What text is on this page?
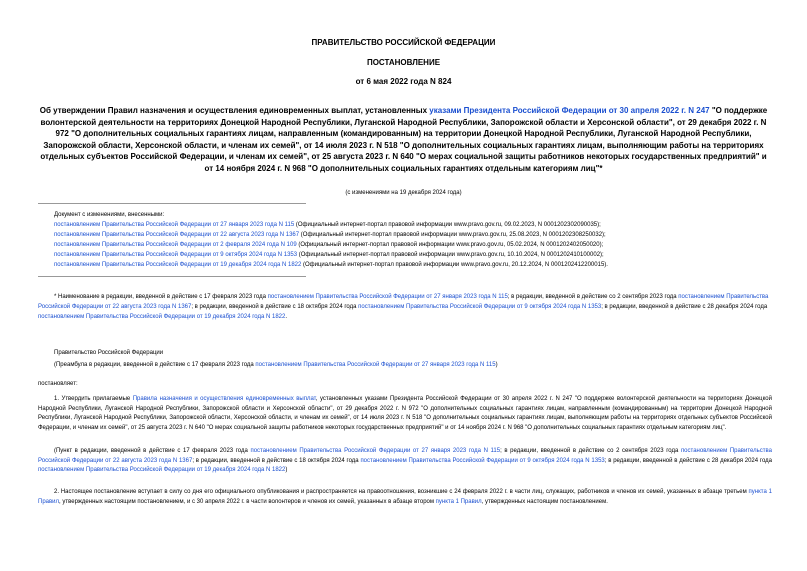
ПРАВИТЕЛЬСТВО РОССИЙСКОЙ ФЕДЕРАЦИИ
ПОСТАНОВЛЕНИЕ
от 6 мая 2022 года N 824
Об утверждении Правил назначения и осуществления единовременных выплат, установленных указами Президента Российской Федерации от 30 апреля 2022 г. N 247 "О поддержке волонтерской деятельности на территориях Донецкой Народной Республики, Луганской Народной Республики, Запорожской области и Херсонской области", от 29 декабря 2022 г. N 972 "О дополнительных социальных гарантиях лицам, направленным (командированным) на территории Донецкой Народной Республики, Луганской Народной Республики, Запорожской области, Херсонской области, и членам их семей", от 14 июля 2023 г. N 518 "О дополнительных социальных гарантиях лицам, выполняющим работы на территориях отдельных субъектов Российской Федерации, и членам их семей", от 25 августа 2023 г. N 640 "О мерах социальной защиты работников некоторых государственных предприятий" и от 14 ноября 2024 г. N 968 "О дополнительных социальных гарантиях отдельным категориям лиц"*
(с изменениями на 19 декабря 2024 года)
Документ с изменениями, внесенными:
постановлением Правительства Российской Федерации от 27 января 2023 года N 115 (Официальный интернет-портал правовой информации www.pravo.gov.ru, 09.02.2023, N 0001202302090035);
постановлением Правительства Российской Федерации от 22 августа 2023 года N 1367 (Официальный интернет-портал правовой информации www.pravo.gov.ru, 25.08.2023, N 0001202308250032);
постановлением Правительства Российской Федерации от 2 февраля 2024 года N 109 (Официальный интернет-портал правовой информации www.pravo.gov.ru, 05.02.2024, N 0001202402050020);
постановлением Правительства Российской Федерации от 9 октября 2024 года N 1353 (Официальный интернет-портал правовой информации www.pravo.gov.ru, 10.10.2024, N 0001202410100002);
постановлением Правительства Российской Федерации от 19 декабря 2024 года N 1822 (Официальный интернет-портал правовой информации www.pravo.gov.ru, 20.12.2024, N 0001202412200015).
* Наименование в редакции, введенной в действие с 17 февраля 2023 года постановлением Правительства Российской Федерации от 27 января 2023 года N 115; в редакции, введенной в действие со 2 сентября 2023 года постановлением Правительства Российской Федерации от 22 августа 2023 года N 1367; в редакции, введенной в действие с 18 октября 2024 года постановлением Правительства Российской Федерации от 9 октября 2024 года N 1353; в редакции, введенной в действие с 28 декабря 2024 года постановлением Правительства Российской Федерации от 19 декабря 2024 года N 1822.
Правительство Российской Федерации
(Преамбула в редакции, введенной в действие с 17 февраля 2023 года постановлением Правительства Российской Федерации от 27 января 2023 года N 115)
постановляет:
1. Утвердить прилагаемые Правила назначения и осуществления единовременных выплат, установленных указами Президента Российской Федерации от 30 апреля 2022 г. N 247 "О поддержке волонтерской деятельности на территориях Донецкой Народной Республики, Луганской Народной Республики, Запорожской области и Херсонской области", от 29 декабря 2022 г. N 972 "О дополнительных социальных гарантиях лицам, направленным (командированным) на территории Донецкой Народной Республики, Луганской Народной Республики, Запорожской области, Херсонской области, и членам их семей", от 14 июля 2023 г. N 518 "О дополнительных социальных гарантиях лицам, выполняющим работы на территориях отдельных субъектов Российской Федерации, и членам их семей", от 25 августа 2023 г. N 640 "О мерах социальной защиты работников некоторых государственных предприятий" и от 14 ноября 2024 г. N 968 "О дополнительных социальных гарантиях отдельным категориям лиц".
(Пункт в редакции, введенной в действие с 17 февраля 2023 года постановлением Правительства Российской Федерации от 27 января 2023 года N 115; в редакции, введенной в действие со 2 сентября 2023 года постановлением Правительства Российской Федерации от 22 августа 2023 года N 1367; в редакции, введенной в действие с 18 октября 2024 года постановлением Правительства Российской Федерации от 9 октября 2024 года N 1353; в редакции, введенной в действие с 28 декабря 2024 года постановлением Правительства Российской Федерации от 19 декабря 2024 года N 1822)
2. Настоящее постановление вступает в силу со дня его официального опубликования и распространяется на правоотношения, возникшие с 24 февраля 2022 г. в части лиц, служащих, работников и членов их семей, указанных в абзаце третьем пункта 1 Правил, утвержденных настоящим постановлением, и с 30 апреля 2022 г. в части волонтеров и членов их семей, указанных в абзаце втором пункта 1 Правил, утвержденных настоящим постановлением.
